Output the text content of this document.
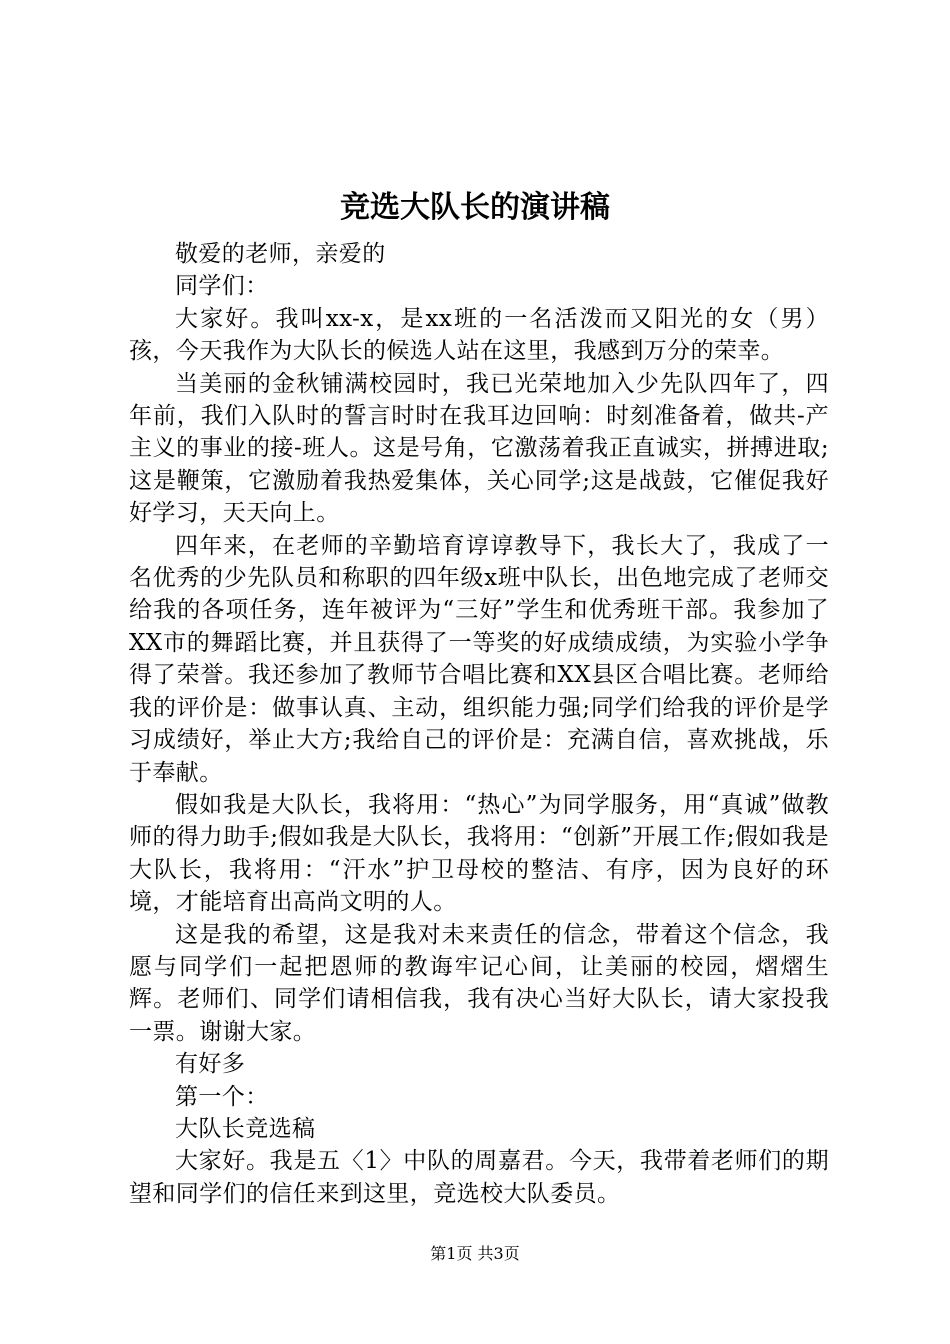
竞选大队长的演讲稿

敬爱的老师，亲爱的

同学们：

大家好。我叫xx-x，是xx班的一名活泼而又阳光的女（男）孩，今天我作为大队长的候选人站在这里，我感到万分的荣幸。

当美丽的金秋铺满校园时，我已光荣地加入少先队四年了，四年前，我们入队时的誓言时时在我耳边回响：时刻准备着，做共-产主义的事业的接-班人。这是号角，它激荡着我正直诚实，拼搏进取;这是鞭策，它激励着我热爱集体，关心同学;这是战鼓，它催促我好好学习，天天向上。

四年来，在老师的辛勤培育谆谆教导下，我长大了，我成了一名优秀的少先队员和称职的四年级x班中队长，出色地完成了老师交给我的各项任务，连年被评为“三好”学生和优秀班干部。我参加了XX市的舞蹈比赛，并且获得了一等奖的好成绩成绩，为实验小学争得了荣誉。我还参加了教师节合唱比赛和XX县区合唱比赛。老师给我的评价是：做事认真、主动，组织能力强;同学们给我的评价是学习成绩好，举止大方;我给自己的评价是：充满自信，喜欢挑战，乐于奉献。

假如我是大队长，我将用：“热心”为同学服务，用“真诚”做教师的得力助手;假如我是大队长，我将用：“创新”开展工作;假如我是大队长，我将用：“汗水”护卫母校的整洁、有序，因为良好的环境，才能培育出高尚文明的人。

这是我的希望，这是我对未来责任的信念，带着这个信念，我愿与同学们一起把恩师的教诲牢记心间，让美丽的校园，熠熠生辉。老师们、同学们请相信我，我有决心当好大队长，请大家投我一票。谢谢大家。

有好多

第一个：

大队长竞选稿

大家好。我是五〈1〉中队的周嘉君。今天，我带着老师们的期望和同学们的信任来到这里，竞选校大队委员。

第1页 共3页
